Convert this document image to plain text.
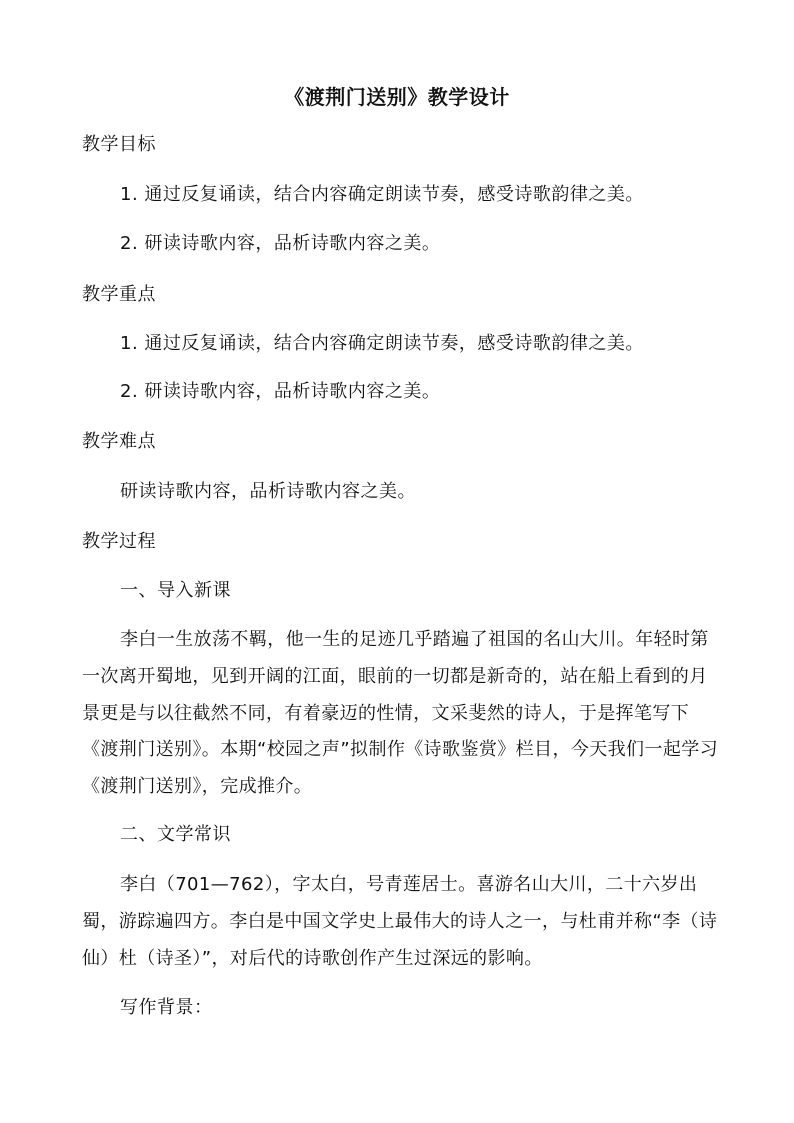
《渡荆门送别》教学设计
教学目标
1. 通过反复诵读，结合内容确定朗读节奏，感受诗歌韵律之美。
2. 研读诗歌内容，品析诗歌内容之美。
教学重点
1. 通过反复诵读，结合内容确定朗读节奏，感受诗歌韵律之美。
2. 研读诗歌内容，品析诗歌内容之美。
教学难点
研读诗歌内容，品析诗歌内容之美。
教学过程
一、导入新课
李白一生放荡不羁，他一生的足迹几乎踏遍了祖国的名山大川。年轻时第一次离开蜀地，见到开阔的江面，眼前的一切都是新奇的，站在船上看到的月景更是与以往截然不同，有着豪迈的性情，文采斐然的诗人，于是挥笔写下《渡荆门送别》。本期“校园之声”拟制作《诗歌鉴赏》栏目，今天我们一起学习《渡荆门送别》，完成推介。
二、文学常识
李白（701—762），字太白，号青莲居士。喜游名山大川，二十六岁出蜀，游踪遍四方。李白是中国文学史上最伟大的诗人之一，与杜甫并称“李（诗仙）杜（诗圣）”，对后代的诗歌创作产生过深远的影响。
写作背景：
